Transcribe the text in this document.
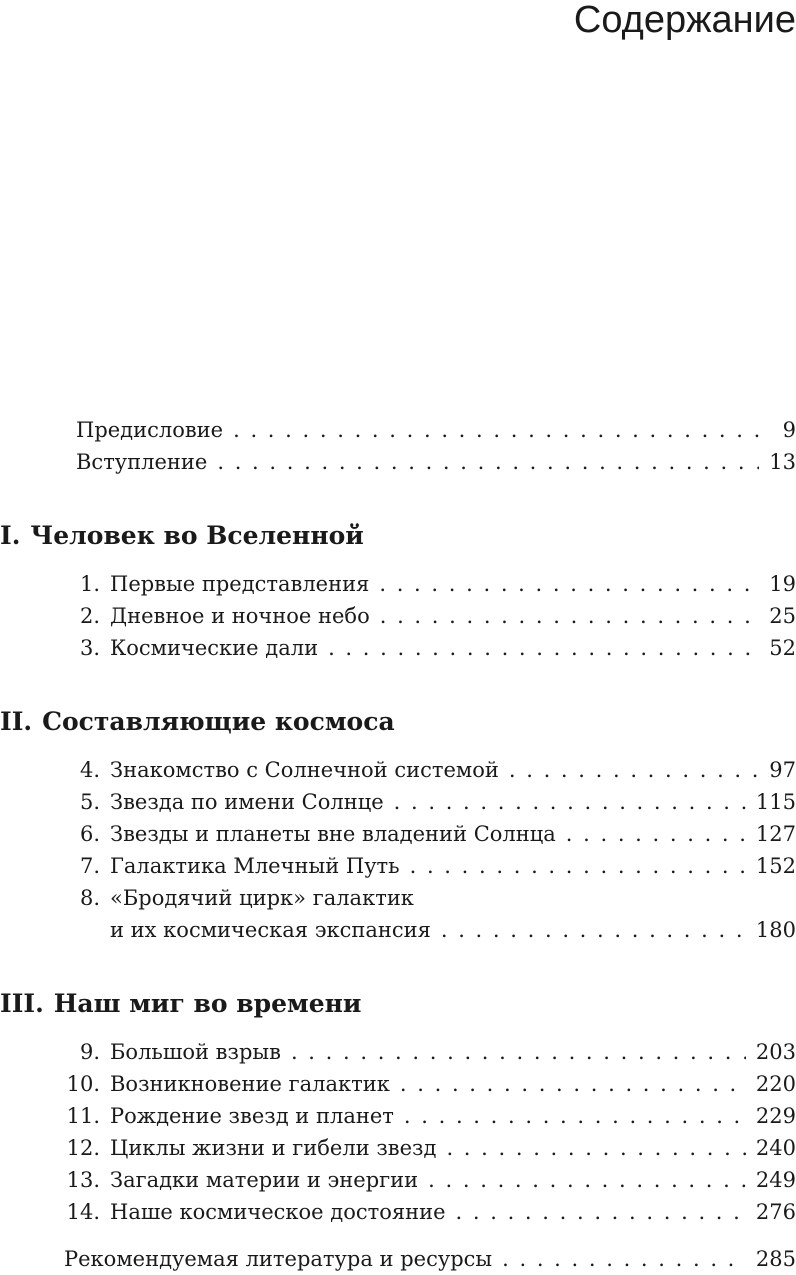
Содержание
Предисловие . . .	9
Вступление . . .	13
I. Человек во Вселенной
1. Первые представления . . .	19
2. Дневное и ночное небо . . .	25
3. Космические дали . . .	52
II. Составляющие космоса
4. Знакомство с Солнечной системой . . .	97
5. Звезда по имени Солнце . . .	115
6. Звезды и планеты вне владений Солнца . . .	127
7. Галактика Млечный Путь . . .	152
8. «Бродячий цирк» галактик
и их космическая экспансия . . .	180
III. Наш миг во времени
9. Большой взрыв . . .	203
10. Возникновение галактик . . .	220
11. Рождение звезд и планет . . .	229
12. Циклы жизни и гибели звезд . . .	240
13. Загадки материи и энергии . . .	249
14. Наше космическое достояние . . .	276
Рекомендуемая литература и ресурсы . . .	285
